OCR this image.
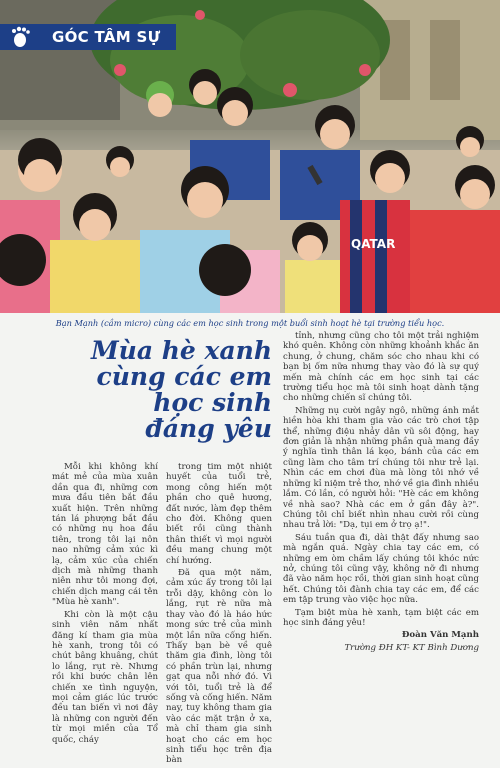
QATAR
GÓC TÂM SỰ
Bạn Mạnh (cầm micro) cùng các em học sinh trong một buổi sinh hoạt hè tại trường tiểu học.
Mùa hè xanh
cùng các em học sinh
đáng yêu

Mỗi khi không khí mát mẻ của mùa xuân dần qua đi, những cơn mưa đầu tiên bắt đầu xuất hiện. Trên những tán lá phượng bắt đầu có những nụ hoa đầu tiên, trong tôi lại nôn nao những cảm xúc kì lạ, cảm xúc của chiến dịch mà những thanh niên như tôi mong đợi, chiến dịch mang cái tên "Mùa hè xanh".

Khi còn là một cậu sinh viên năm nhất đăng kí tham gia mùa hè xanh, trong tôi có chút bâng khuâng, chút lo lắng, rụt rè. Nhưng rồi khi bước chân lên chiến xe tình nguyện, mọi cảm giác lúc trước đều tan biến vì nơi đây là những con người đến từ mọi miền của Tổ quốc, cháy

trong tim một nhiệt huyết của tuổi trẻ, mong công hiến một phần cho quê hương, đất nước, làm đẹp thêm cho đời. Không quen biết rồi cũng thành thân thiết vì mọi người đều mang chung một chí hướng.

Đã qua một năm, cảm xúc ấy trong tôi lại trỗi dậy, không còn lo lắng, rụt rè nữa mà thay vào đó là háo hức mong sức trẻ của mình một lần nữa cống hiến. Thấy bạn bè về quê thăm gia đình, lòng tôi có phần trùn lại, nhưng gạt qua nỗi nhớ đó. Vì với tôi, tuổi trẻ là để sống và cống hiến. Năm nay, tuy không tham gia vào các mặt trận ở xa, mà chỉ tham gia sinh hoạt cho các em học sinh tiểu học trên địa bàn

tỉnh, nhưng cũng cho tôi một trải nghiệm khó quên. Không còn những khoảnh khắc ăn chung, ở chung, chăm sóc cho nhau khi có bạn bị ốm nữa nhưng thay vào đó là sự quý mến mà chính các em học sinh tại các trường tiểu học mà tôi sinh hoạt dành tặng cho những chiến sĩ chúng tôi.

Những nụ cười ngây ngô, những ánh mắt hiền hòa khi tham gia vào các trò chơi tập thể, những điệu nhảy dân vũ sôi động, hay đơn giản là nhận những phần quà mang đầy ý nghĩa tình thân lá kẹo, bánh của các em cũng làm cho tâm trí chúng tôi như trẻ lại. Nhìn các em chơi đùa mà lòng tôi nhớ về những kỉ niệm trẻ thơ, nhớ về gia đình nhiều lắm. Có lần, có người hỏi: "Hè các em không về nhà sao? Nhà các em ở gần đây à?". Chúng tôi chỉ biết nhìn nhau cười rồi cùng nhau trả lời: "Dạ, tụi em ở trọ ạ!".

Sáu tuần qua đi, dài thật đấy nhưng sao mà ngắn quá. Ngày chia tay các em, có những em òm chầm lấy chúng tôi khóc nức nở, chúng tôi cũng vậy, không nỡ đi nhưng đã vào năm học rồi, thời gian sinh hoạt cũng hết. Chúng tôi đành chia tay các em, để các em tập trung vào việc học nữa.

Tạm biệt mùa hè xanh, tạm biệt các em học sinh đáng yêu!

Đoàn Văn Mạnh

Trường ĐH KT- KT Bình Dương
